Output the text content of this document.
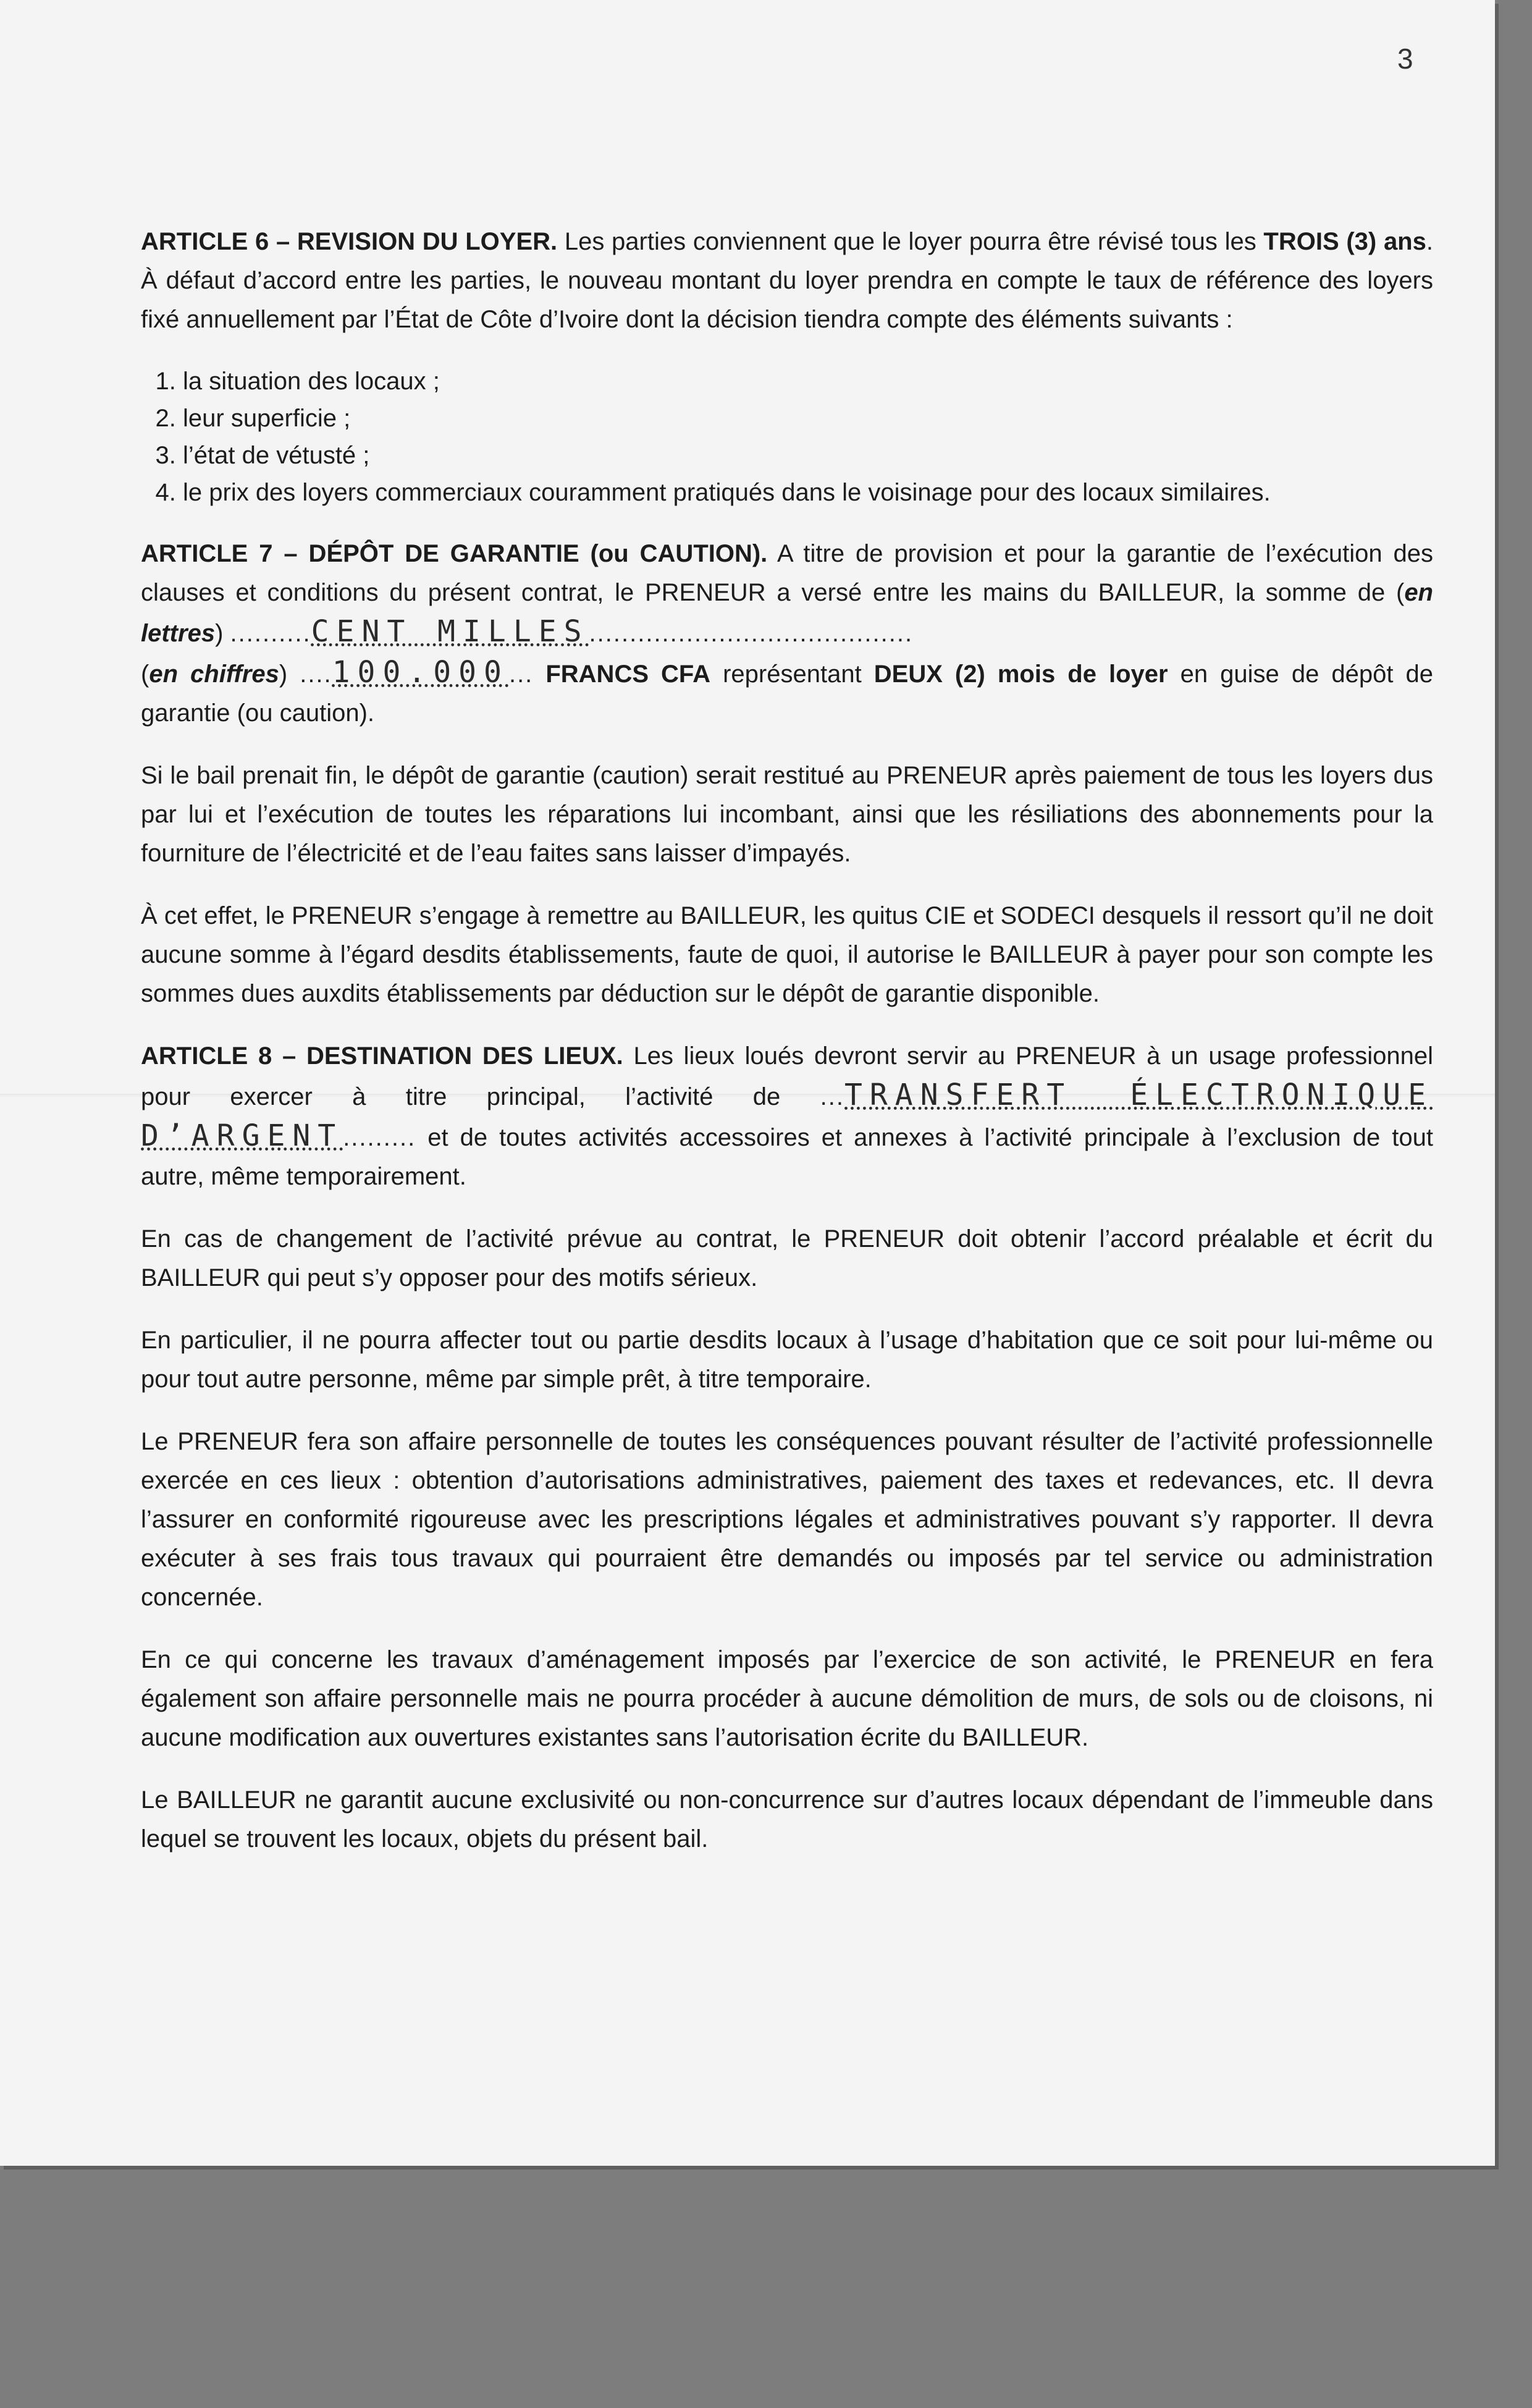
3

ARTICLE 6 – REVISION DU LOYER. Les parties conviennent que le loyer pourra être révisé tous les TROIS (3) ans. À défaut d’accord entre les parties, le nouveau montant du loyer prendra en compte le taux de référence des loyers fixé annuellement par l’État de Côte d’Ivoire dont la décision tiendra compte des éléments suivants :

1. la situation des locaux ;
2. leur superficie ;
3. l’état de vétusté ;
4. le prix des loyers commerciaux couramment pratiqués dans le voisinage pour des locaux similaires.

ARTICLE 7 – DÉPÔT DE GARANTIE (ou CAUTION). A titre de provision et pour la garantie de l’exécution des clauses et conditions du présent contrat, le PRENEUR a versé entre les mains du BAILLEUR, la somme de (en lettres) ..........CENT MILLES........................................
(en chiffres) ....100.000... FRANCS CFA représentant DEUX (2) mois de loyer en guise de dépôt de garantie (ou caution).

Si le bail prenait fin, le dépôt de garantie (caution) serait restitué au PRENEUR après paiement de tous les loyers dus par lui et l’exécution de toutes les réparations lui incombant, ainsi que les résiliations des abonnements pour la fourniture de l’électricité et de l’eau faites sans laisser d’impayés.

À cet effet, le PRENEUR s’engage à remettre au BAILLEUR, les quitus CIE et SODECI desquels il ressort qu’il ne doit aucune somme à l’égard desdits établissements, faute de quoi, il autorise le BAILLEUR à payer pour son compte les sommes dues auxdits établissements par déduction sur le dépôt de garantie disponible.

ARTICLE 8 – DESTINATION DES LIEUX. Les lieux loués devront servir au PRENEUR à un usage professionnel pour exercer à titre principal, l’activité de ...TRANSFERT ÉLECTRONIQUE D’ARGENT......... et de toutes activités accessoires et annexes à l’activité principale à l’exclusion de tout autre, même temporairement.

En cas de changement de l’activité prévue au contrat, le PRENEUR doit obtenir l’accord préalable et écrit du BAILLEUR qui peut s’y opposer pour des motifs sérieux.

En particulier, il ne pourra affecter tout ou partie desdits locaux à l’usage d’habitation que ce soit pour lui-même ou pour tout autre personne, même par simple prêt, à titre temporaire.

Le PRENEUR fera son affaire personnelle de toutes les conséquences pouvant résulter de l’activité professionnelle exercée en ces lieux : obtention d’autorisations administratives, paiement des taxes et redevances, etc. Il devra l’assurer en conformité rigoureuse avec les prescriptions légales et administratives pouvant s’y rapporter. Il devra exécuter à ses frais tous travaux qui pourraient être demandés ou imposés par tel service ou administration concernée.

En ce qui concerne les travaux d’aménagement imposés par l’exercice de son activité, le PRENEUR en fera également son affaire personnelle mais ne pourra procéder à aucune démolition de murs, de sols ou de cloisons, ni aucune modification aux ouvertures existantes sans l’autorisation écrite du BAILLEUR.

Le BAILLEUR ne garantit aucune exclusivité ou non-concurrence sur d’autres locaux dépendant de l’immeuble dans lequel se trouvent les locaux, objets du présent bail.
